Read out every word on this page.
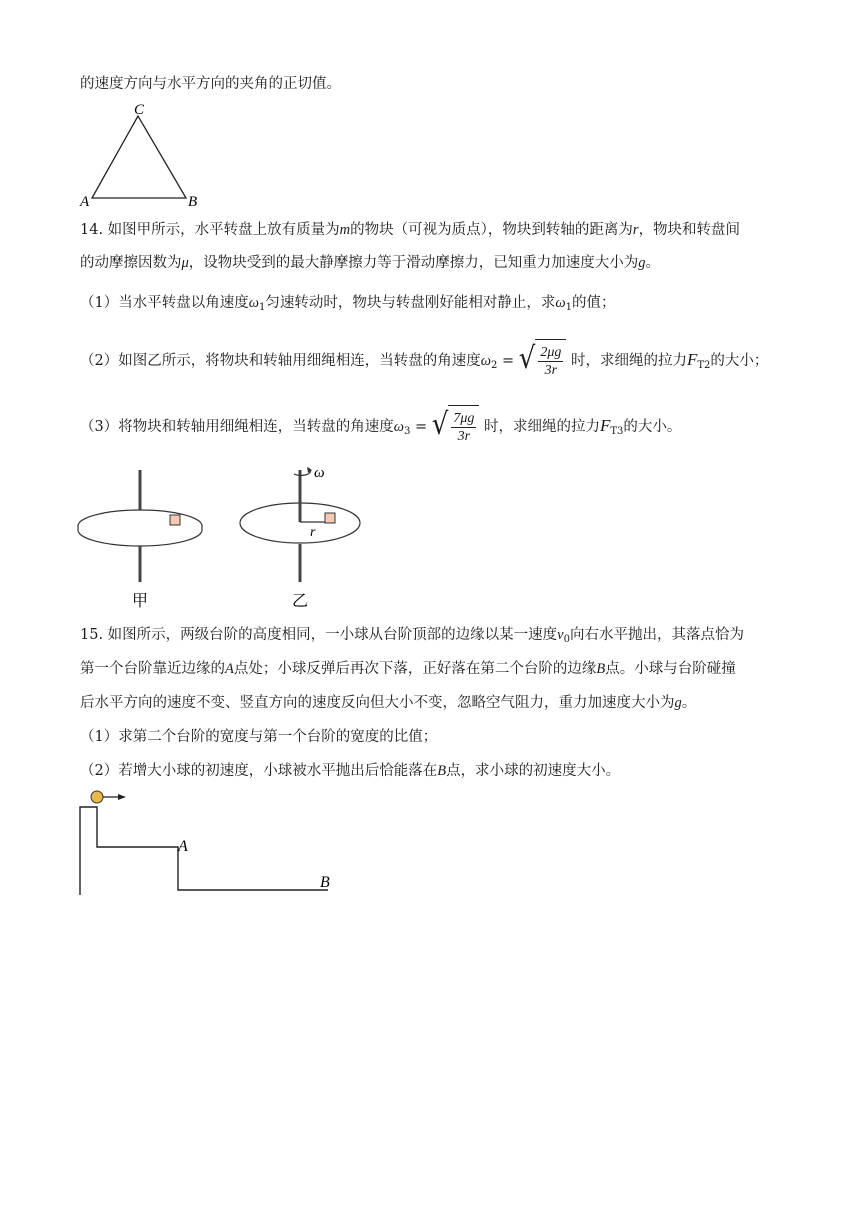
的速度方向与水平方向的夹角的正切值。
C
A	B
14. 如图甲所示，水平转盘上放有质量为m的物块（可视为质点），物块到转轴的距离为r，物块和转盘间
的动摩擦因数为μ，设物块受到的最大静摩擦力等于滑动摩擦力，已知重力加速度大小为g。
（1）当水平转盘以角速度$\omega_1$匀速转动时，物块与转盘刚好能相对静止，求$\omega_1$的值；
（2）如图乙所示，将物块和转轴用细绳相连，当转盘的角速度$\omega_2$ = √ $\frac{2\mu g}{3r}$ 时，求细绳的拉力$F_{T2}$的大小；
（3）将物块和转轴用细绳相连，当转盘的角速度$\omega_3$ = √ $\frac{7\mu g}{3r}$ 时，求细绳的拉力$F_{T3}$的大小。
甲
r
ω
乙
15. 如图所示，两级台阶的高度相同，一小球从台阶顶部的边缘以某一速度$v_0$向右水平抛出，其落点恰为
第一个台阶靠近边缘的A点处；小球反弹后再次下落，正好落在第二个台阶的边缘B点。小球与台阶碰撞
后水平方向的速度不变、竖直方向的速度反向但大小不变，忽略空气阻力，重力加速度大小为g。
（1）求第二个台阶的宽度与第一个台阶的宽度的比值；
（2）若增大小球的初速度，小球被水平抛出后恰能落在B点，求小球的初速度大小。
A
B
